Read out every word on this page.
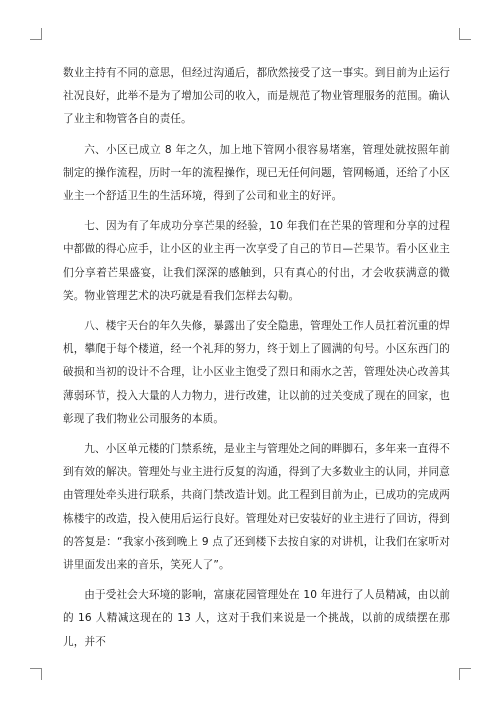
数业主持有不同的意思，但经过沟通后，都欣然接受了这一事实。到目前为止运行社况良好，此举不是为了增加公司的收入，而是规范了物业管理服务的范围。确认了业主和物管各自的责任。

六、小区已成立 8 年之久，加上地下管网小很容易堵塞，管理处就按照年前制定的操作流程，历时一年的流程操作，现已无任何问题，管网畅通，还给了小区业主一个舒适卫生的生活环境，得到了公司和业主的好评。

七、因为有了年成功分享芒果的经验，10 年我们在芒果的管理和分享的过程中都做的得心应手，让小区的业主再一次享受了自己的节日—芒果节。看小区业主们分享着芒果盛宴，让我们深深的感触到，只有真心的付出，才会收获满意的微笑。物业管理艺术的决巧就是看我们怎样去勾勒。

八、楼宇天台的年久失修，暴露出了安全隐患，管理处工作人员扛着沉重的焊机，攀爬于每个楼道，经一个礼拜的努力，终于划上了圆满的句号。小区东西门的破损和当初的设计不合理，让小区业主饱受了烈日和雨水之苦，管理处决心改善其薄弱环节，投入大量的人力物力，进行改建，让以前的过关变成了现在的回家，也彰现了我们物业公司服务的本质。

九、小区单元楼的门禁系统，是业主与管理处之间的畔脚石，多年来一直得不到有效的解决。管理处与业主进行反复的沟通，得到了大多数业主的认同，并同意由管理处牵头进行联系，共商门禁改造计划。此工程到目前为止，已成功的完成两栋楼宇的改造，投入使用后运行良好。管理处对已安装好的业主进行了回访，得到的答复是：“我家小孩到晚上 9 点了还到楼下去按自家的对讲机，让我们在家听对讲里面发出来的音乐，笑死人了”。

由于受社会大环境的影响，富康花园管理处在 10 年进行了人员精减，由以前的 16 人精减这现在的 13 人，这对于我们来说是一个挑战，以前的成绩摆在那儿，并不
